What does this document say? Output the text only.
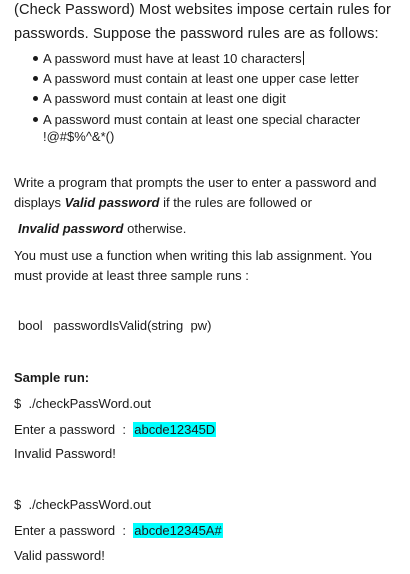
(Check Password) Most websites impose certain rules for
passwords. Suppose the password rules are as follows:
A password must have at least 10 characters
A password must contain at least one upper case letter
A password must contain at least one digit
A password must contain at least one special character
!@#$%^&*()
Write a program that prompts the user to enter a password and
displays Valid password if the rules are followed or
Invalid password otherwise.
You must use a function when writing this lab assignment. You
must provide at least three sample runs :
bool   passwordIsValid(string  pw)
Sample run:
$  ./checkPassWord.out
Enter a password  :  abcde12345D
Invalid Password!
$  ./checkPassWord.out
Enter a password  :  abcde12345A#
Valid password!
